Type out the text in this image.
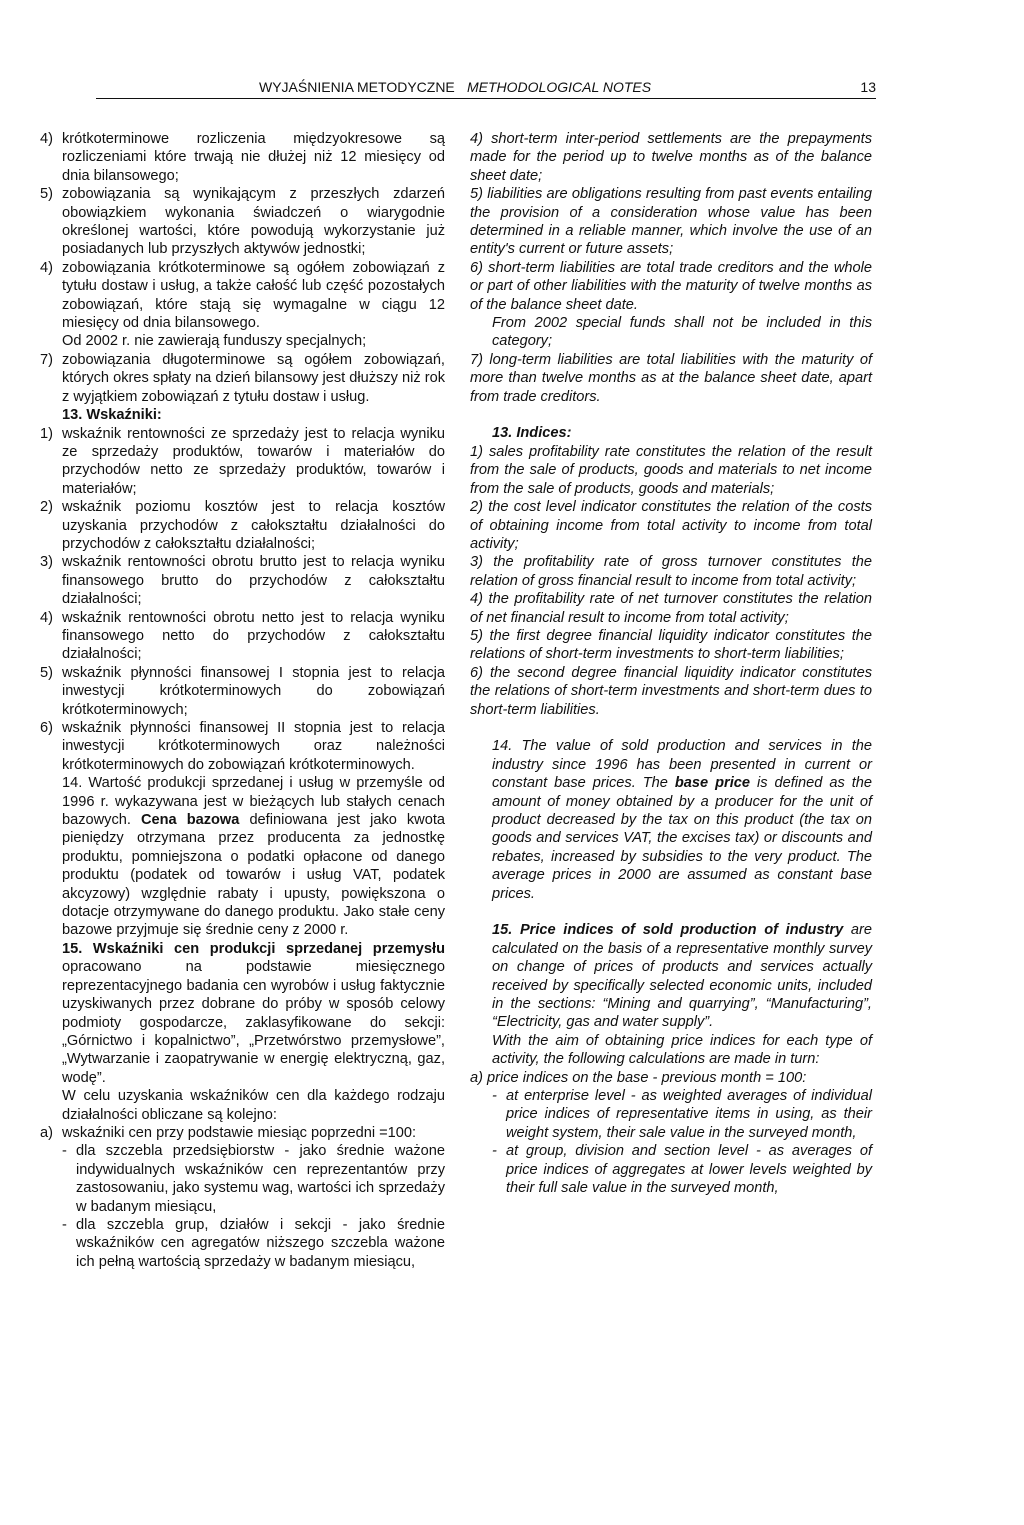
WYJAŚNIENIA METODYCZNE METHODOLOGICAL NOTES	13
4) krótkoterminowe rozliczenia międzyokresowe są rozliczeniami które trwają nie dłużej niż 12 miesięcy od dnia bilansowego;
5) zobowiązania są wynikającym z przeszłych zdarzeń obowiązkiem wykonania świadczeń o wiarygodnie określonej wartości, które powodują wykorzystanie już posiadanych lub przyszłych aktywów jednostki;
4) zobowiązania krótkoterminowe są ogółem zobowiązań z tytułu dostaw i usług, a także całość lub część pozostałych zobowiązań, które stają się wymagalne w ciągu 12 miesięcy od dnia bilansowego.
Od 2002 r. nie zawierają funduszy specjalnych;
7) zobowiązania długoterminowe są ogółem zobowiązań, których okres spłaty na dzień bilansowy jest dłuższy niż rok z wyjątkiem zobowiązań z tytułu dostaw i usług.
13. Wskaźniki:
1) wskaźnik rentowności ze sprzedaży jest to relacja wyniku ze sprzedaży produktów, towarów i materiałów do przychodów netto ze sprzedaży produktów, towarów i materiałów;
2) wskaźnik poziomu kosztów jest to relacja kosztów uzyskania przychodów z całokształtu działalności do przychodów z całokształtu działalności;
3) wskaźnik rentowności obrotu brutto jest to relacja wyniku finansowego brutto do przychodów z całokształtu działalności;
4) wskaźnik rentowności obrotu netto jest to relacja wyniku finansowego netto do przychodów z całokształtu działalności;
5) wskaźnik płynności finansowej I stopnia jest to relacja inwestycji krótkoterminowych do zobowiązań krótkoterminowych;
6) wskaźnik płynności finansowej II stopnia jest to relacja inwestycji krótkoterminowych oraz należności krótkoterminowych do zobowiązań krótkoterminowych.
14. Wartość produkcji sprzedanej i usług w przemyśle od 1996 r. wykazywana jest w bieżących lub stałych cenach bazowych. Cena bazowa definiowana jest jako kwota pieniędzy otrzymana przez producenta za jednostkę produktu, pomniejszona o podatki opłacone od danego produktu (podatek od towarów i usług VAT, podatek akcyzowy) względnie rabaty i upusty, powiększona o dotacje otrzymywane do danego produktu. Jako stałe ceny bazowe przyjmuje się średnie ceny z 2000 r.
15. Wskaźniki cen produkcji sprzedanej przemysłu opracowano na podstawie miesięcznego reprezentacyjnego badania cen wyrobów i usług faktycznie uzyskiwanych przez dobrane do próby w sposób celowy podmioty gospodarcze, zaklasyfikowane do sekcji: „Górnictwo i kopalnictwo”, „Przetwórstwo przemysłowe”, „Wytwarzanie i zaopatrywanie w energię elektryczną, gaz, wodę”.
W celu uzyskania wskaźników cen dla każdego rodzaju działalności obliczane są kolejno:
a) wskaźniki cen przy podstawie miesiąc poprzedni =100:
- dla szczebla przedsiębiorstw - jako średnie ważone indywidualnych wskaźników cen reprezentantów przy zastosowaniu, jako systemu wag, wartości ich sprzedaży w badanym miesiącu,
- dla szczebla grup, działów i sekcji - jako średnie wskaźników cen agregatów niższego szczebla ważone ich pełną wartością sprzedaży w badanym miesiącu,
4) short-term inter-period settlements are the prepayments made for the period up to twelve months as of the balance sheet date;
5) liabilities are obligations resulting from past events entailing the provision of a consideration whose value has been determined in a reliable manner, which involve the use of an entity's current or future assets;
6) short-term liabilities are total trade creditors and the whole or part of other liabilities with the maturity of twelve months as of the balance sheet date.
From 2002 special funds shall not be included in this category;
7) long-term liabilities are total liabilities with the maturity of more than twelve months as at the balance sheet date, apart from trade creditors.
13. Indices:
1) sales profitability rate constitutes the relation of the result from the sale of products, goods and materials to net income from the sale of products, goods and materials;
2) the cost level indicator constitutes the relation of the costs of obtaining income from total activity to income from total activity;
3) the profitability rate of gross turnover constitutes the relation of gross financial result to income from total activity;
4) the profitability rate of net turnover constitutes the relation of net financial result to income from total activity;
5) the first degree financial liquidity indicator constitutes the relations of short-term investments to short-term liabilities;
6) the second degree financial liquidity indicator constitutes the relations of short-term investments and short-term dues to short-term liabilities.
14. The value of sold production and services in the industry since 1996 has been presented in current or constant base prices. The base price is defined as the amount of money obtained by a producer for the unit of product decreased by the tax on this product (the tax on goods and services VAT, the excises tax) or discounts and rebates, increased by subsidies to the very product. The average prices in 2000 are assumed as constant base prices.
15. Price indices of sold production of industry are calculated on the basis of a representative monthly survey on change of prices of products and services actually received by specifically selected economic units, included in the sections: “Mining and quarrying”, “Manufacturing”, “Electricity, gas and water supply”.
With the aim of obtaining price indices for each type of activity, the following calculations are made in turn:
a) price indices on the base - previous month = 100:
- at enterprise level - as weighted averages of individual price indices of representative items in using, as their weight system, their sale value in the surveyed month,
- at group, division and section level - as averages of price indices of aggregates at lower levels weighted by their full sale value in the surveyed month,
